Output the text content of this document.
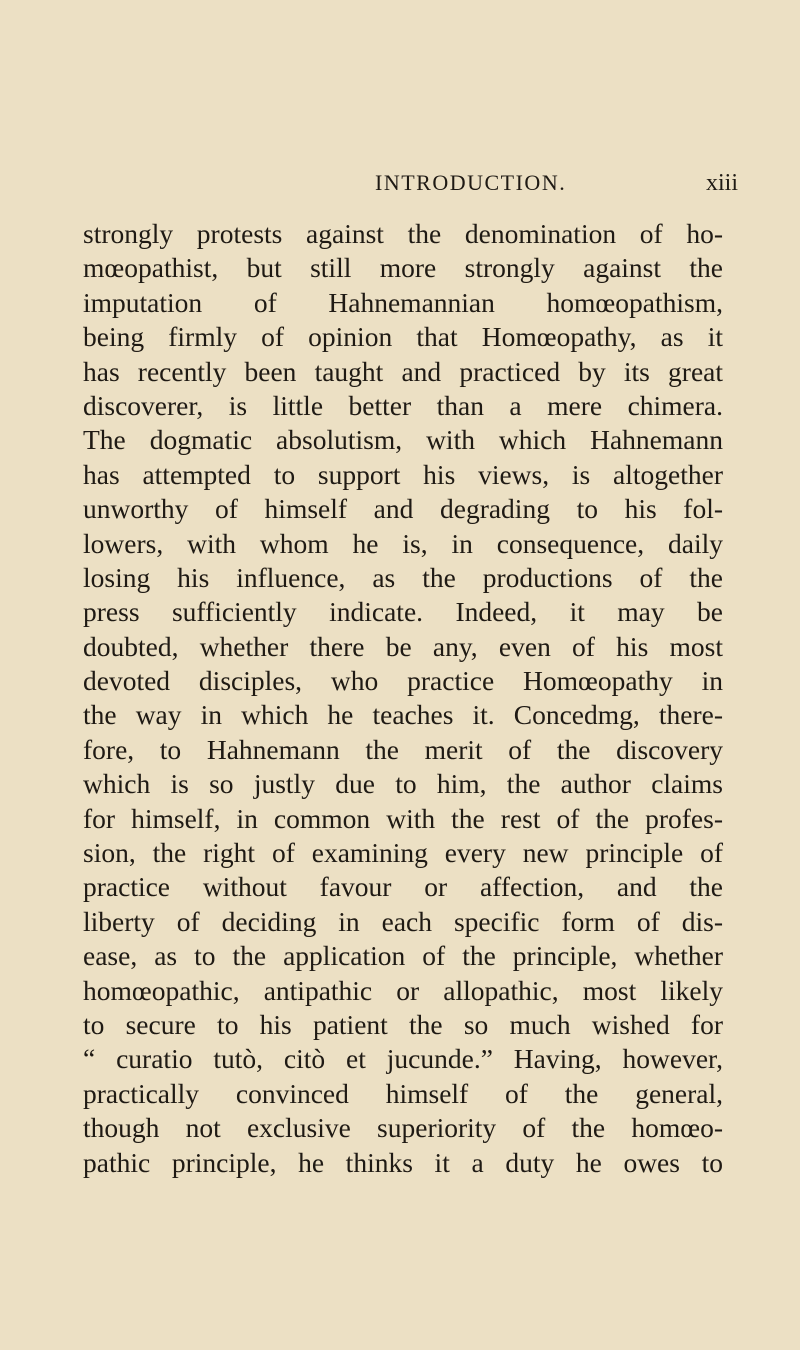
INTRODUCTION.	xiii
strongly protests against the denomination of ho-
mœopathist, but still more strongly against the
imputation of Hahnemannian homœopathism,
being firmly of opinion that Homœopathy, as it
has recently been taught and practiced by its great
discoverer, is little better than a mere chimera.
The dogmatic absolutism, with which Hahnemann
has attempted to support his views, is altogether
unworthy of himself and degrading to his fol-
lowers, with whom he is, in consequence, daily
losing his influence, as the productions of the
press sufficiently indicate. Indeed, it may be
doubted, whether there be any, even of his most
devoted disciples, who practice Homœopathy in
the way in which he teaches it. Concedmg, there-
fore, to Hahnemann the merit of the discovery
which is so justly due to him, the author claims
for himself, in common with the rest of the profes-
sion, the right of examining every new principle of
practice without favour or affection, and the
liberty of deciding in each specific form of dis-
ease, as to the application of the principle, whether
homœopathic, antipathic or allopathic, most likely
to secure to his patient the so much wished for
“ curatio tutò, citò et jucunde.” Having, however,
practically convinced himself of the general,
though not exclusive superiority of the homœo-
pathic principle, he thinks it a duty he owes to
